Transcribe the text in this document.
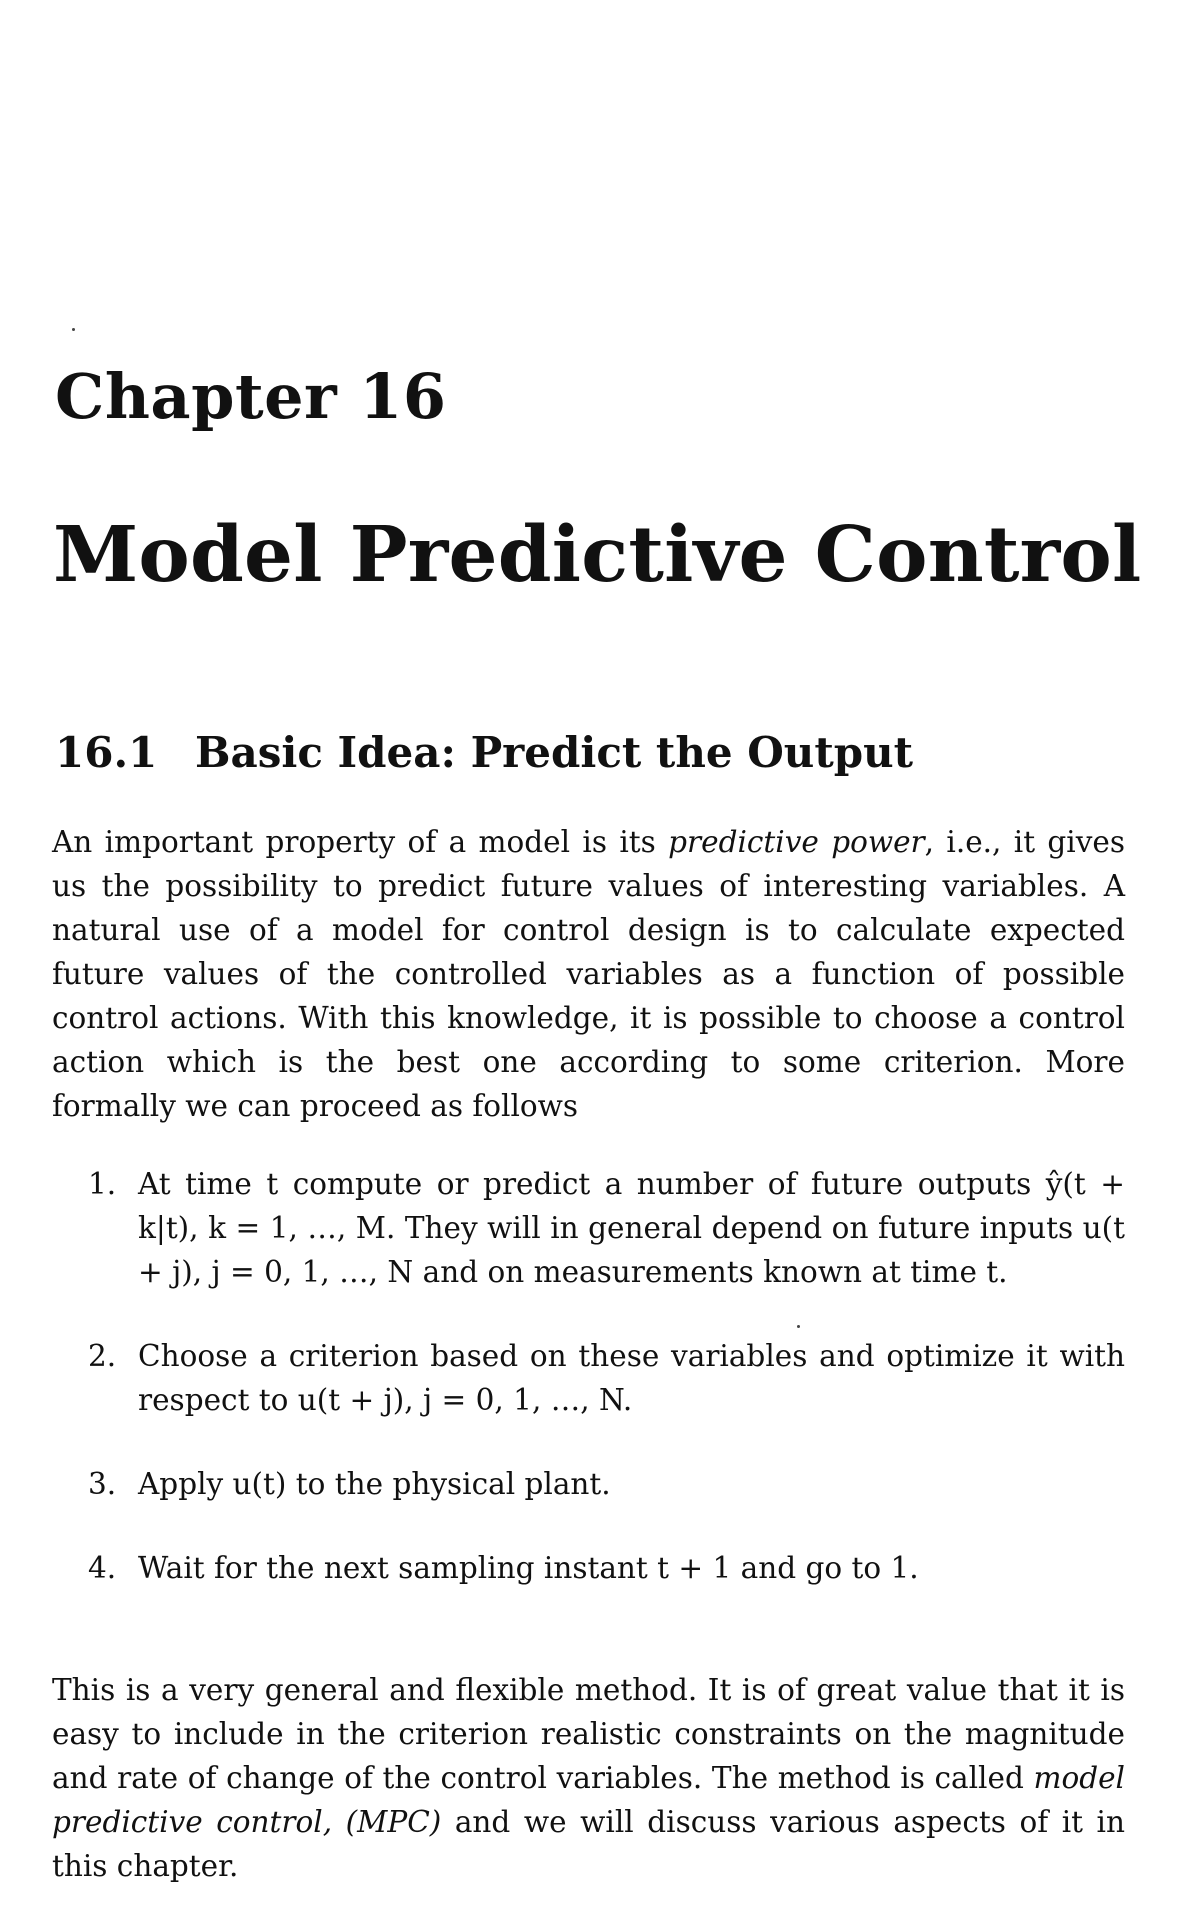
Chapter 16
Model Predictive Control
16.1 Basic Idea: Predict the Output

An important property of a model is its predictive power, i.e., it gives us the possibility to predict future values of interesting variables. A natural use of a model for control design is to calculate expected future values of the controlled variables as a function of possible control actions. With this knowledge, it is possible to choose a control action which is the best one according to some criterion. More formally we can proceed as follows

1. At time t compute or predict a number of future outputs ŷ(t + k|t), k = 1, …, M. They will in general depend on future inputs u(t + j), j = 0, 1, …, N and on measurements known at time t.
2. Choose a criterion based on these variables and optimize it with respect to u(t + j), j = 0, 1, …, N.
3. Apply u(t) to the physical plant.
4. Wait for the next sampling instant t + 1 and go to 1.

This is a very general and flexible method. It is of great value that it is easy to include in the criterion realistic constraints on the magnitude and rate of change of the control variables. The method is called model predictive control, (MPC) and we will discuss various aspects of it in this chapter.
